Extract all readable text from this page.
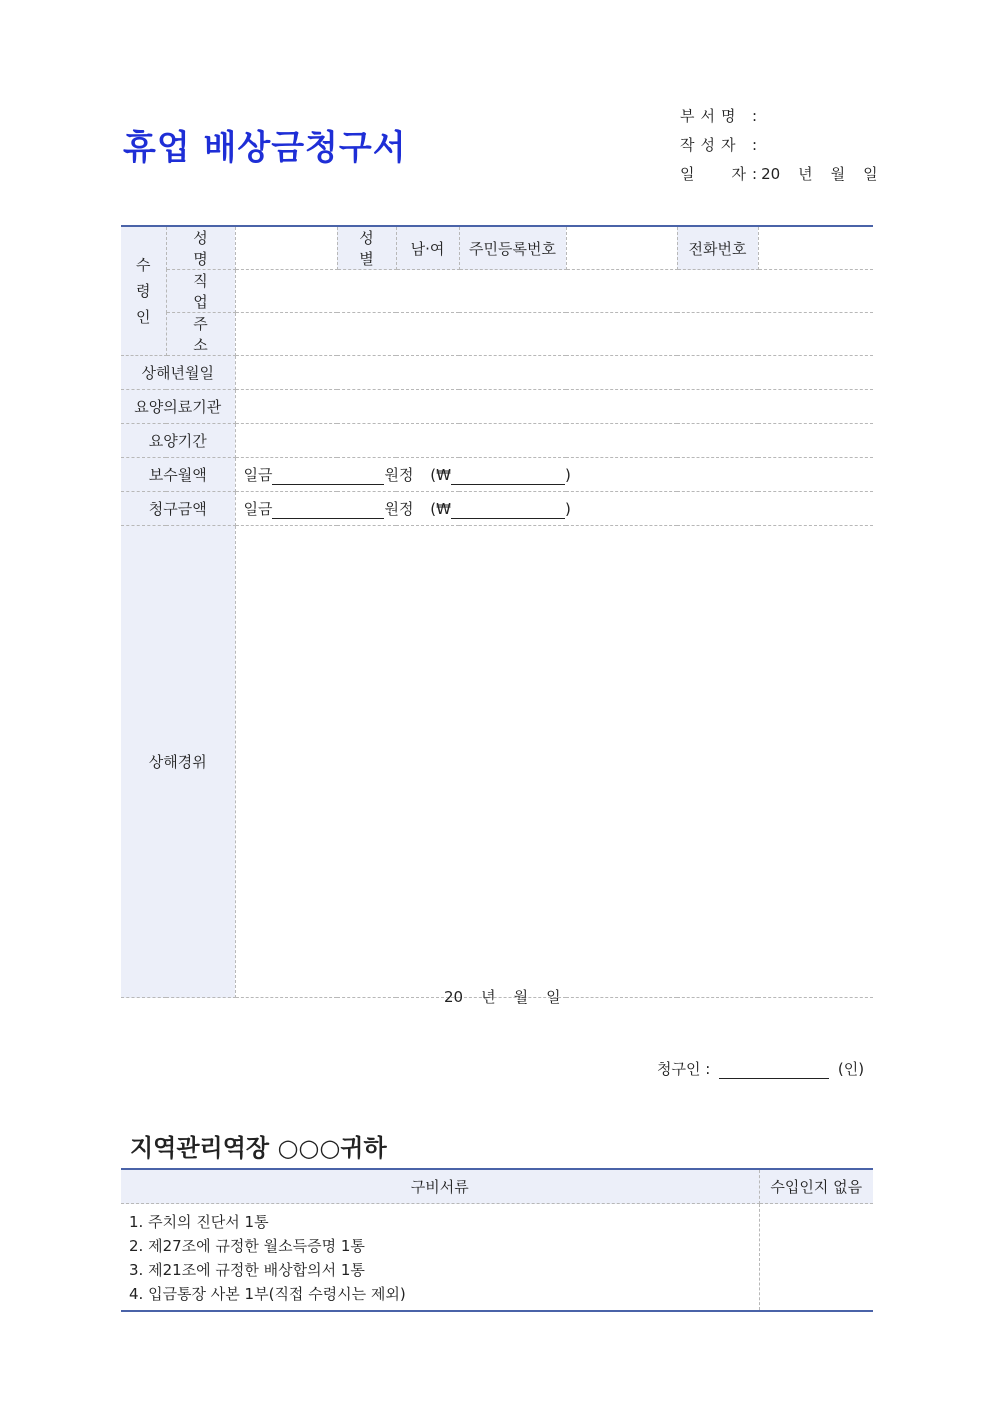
휴업 배상금청구서
부서명 :
작성자 :
일 자 : 20 년 월 일
수
령
인	성명		성별	남·여	주민등록번호		전화번호	
	직업							
	주소							
상해년월일								
요양의료기관								
요양기간								
보수월액		일금 원정 (₩ )						
청구금액		일금 원정 (₩ )						
상해경위								
20 년 월 일
청구인 :	(인)
지역관리역장 ○○○귀하
구비서류	수입인지 없음

1. 주치의 진단서 1통
2. 제27조에 규정한 월소득증명 1통
3. 제21조에 규정한 배상합의서 1통
4. 입금통장 사본 1부(직접 수령시는 제외)	
